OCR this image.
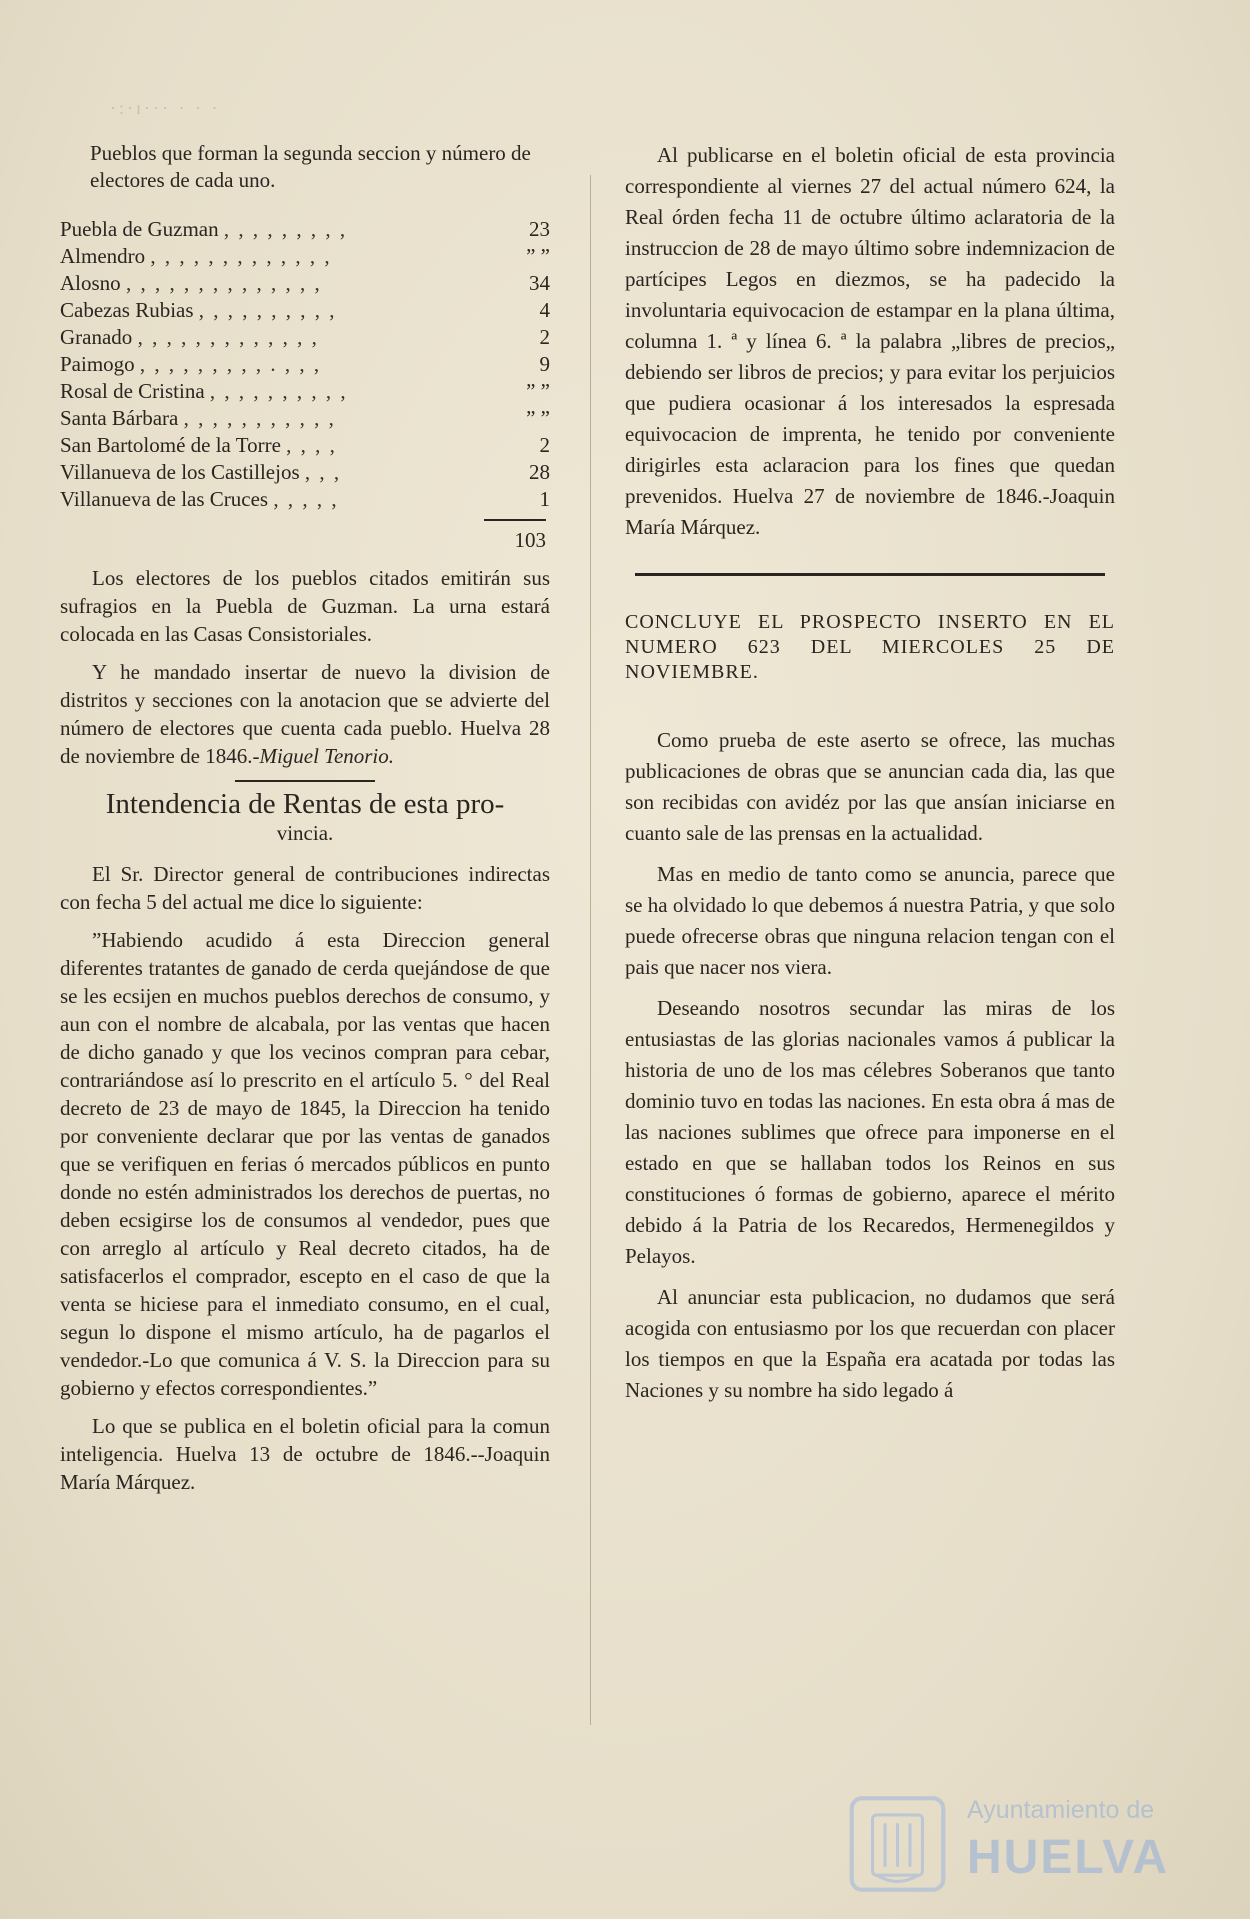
·:·ɪ··· · · ·

Pueblos que forman la segunda seccion y número de electores de cada uno.

Puebla de Guzman , , , , , , , , ,	23
Almendro , , , , , , , , , , , , ,	” ”
Alosno , , , , , , , , , , , , , ,	34
Cabezas Rubias , , , , , , , , , ,	4
Granado , , , , , , , , , , , , ,	2
Paimogo , , , , , , , , , . , , ,	9
Rosal de Cristina , , , , , , , , , ,	” ”
Santa Bárbara , , , , , , , , , , ,	” ”
San Bartolomé de la Torre , , , ,	2
Villanueva de los Castillejos , , ,	28
Villanueva de las Cruces , , , , ,	1
103

Los electores de los pueblos citados emitirán sus sufragios en la Puebla de Guzman. La urna estará colocada en las Casas Consistoriales.

Y he mandado insertar de nuevo la division de distritos y secciones con la anotacion que se advierte del número de electores que cuenta cada pueblo. Huelva 28 de noviembre de 1846.-Miguel Tenorio.

Intendencia de Rentas de esta pro-
vincia.

El Sr. Director general de contribuciones indirectas con fecha 5 del actual me dice lo siguiente:

”Habiendo acudido á esta Direccion general diferentes tratantes de ganado de cerda quejándose de que se les ecsijen en muchos pueblos derechos de consumo, y aun con el nombre de alcabala, por las ventas que hacen de dicho ganado y que los vecinos compran para cebar, contrariándose así lo prescrito en el artículo 5. ° del Real decreto de 23 de mayo de 1845, la Direccion ha tenido por conveniente declarar que por las ventas de ganados que se verifiquen en ferias ó mercados públicos en punto donde no estén administrados los derechos de puertas, no deben ecsigirse los de consumos al vendedor, pues que con arreglo al artículo y Real decreto citados, ha de satisfacerlos el comprador, escepto en el caso de que la venta se hiciese para el inmediato consumo, en el cual, segun lo dispone el mismo artículo, ha de pagarlos el vendedor.-Lo que comunica á V. S. la Direccion para su gobierno y efectos correspondientes.”

Lo que se publica en el boletin oficial para la comun inteligencia. Huelva 13 de octubre de 1846.--Joaquin María Márquez.

Al publicarse en el boletin oficial de esta provincia correspondiente al viernes 27 del actual número 624, la Real órden fecha 11 de octubre último aclaratoria de la instruccion de 28 de mayo último sobre indemnizacion de partícipes Legos en diezmos, se ha padecido la involuntaria equivocacion de estampar en la plana última, columna 1. ª y línea 6. ª la palabra „libres de precios„ debiendo ser libros de precios; y para evitar los perjuicios que pudiera ocasionar á los interesados la espresada equivocacion de imprenta, he tenido por conveniente dirigirles esta aclaracion para los fines que quedan prevenidos. Huelva 27 de noviembre de 1846.-Joaquin María Márquez.

CONCLUYE EL PROSPECTO INSERTO EN EL NUMERO 623 DEL MIERCOLES 25 DE NOVIEMBRE.

Como prueba de este aserto se ofrece, las muchas publicaciones de obras que se anuncian cada dia, las que son recibidas con avidéz por las que ansían iniciarse en cuanto sale de las prensas en la actualidad.

Mas en medio de tanto como se anuncia, parece que se ha olvidado lo que debemos á nuestra Patria, y que solo puede ofrecerse obras que ninguna relacion tengan con el pais que nacer nos viera.

Deseando nosotros secundar las miras de los entusiastas de las glorias nacionales vamos á publicar la historia de uno de los mas célebres Soberanos que tanto dominio tuvo en todas las naciones. En esta obra á mas de las naciones sublimes que ofrece para imponerse en el estado en que se hallaban todos los Reinos en sus constituciones ó formas de gobierno, aparece el mérito debido á la Patria de los Recaredos, Hermenegildos y Pelayos.

Al anunciar esta publicacion, no dudamos que será acogida con entusiasmo por los que recuerdan con placer los tiempos en que la España era acatada por todas las Naciones y su nombre ha sido legado á

Ayuntamiento de
HUELVA
